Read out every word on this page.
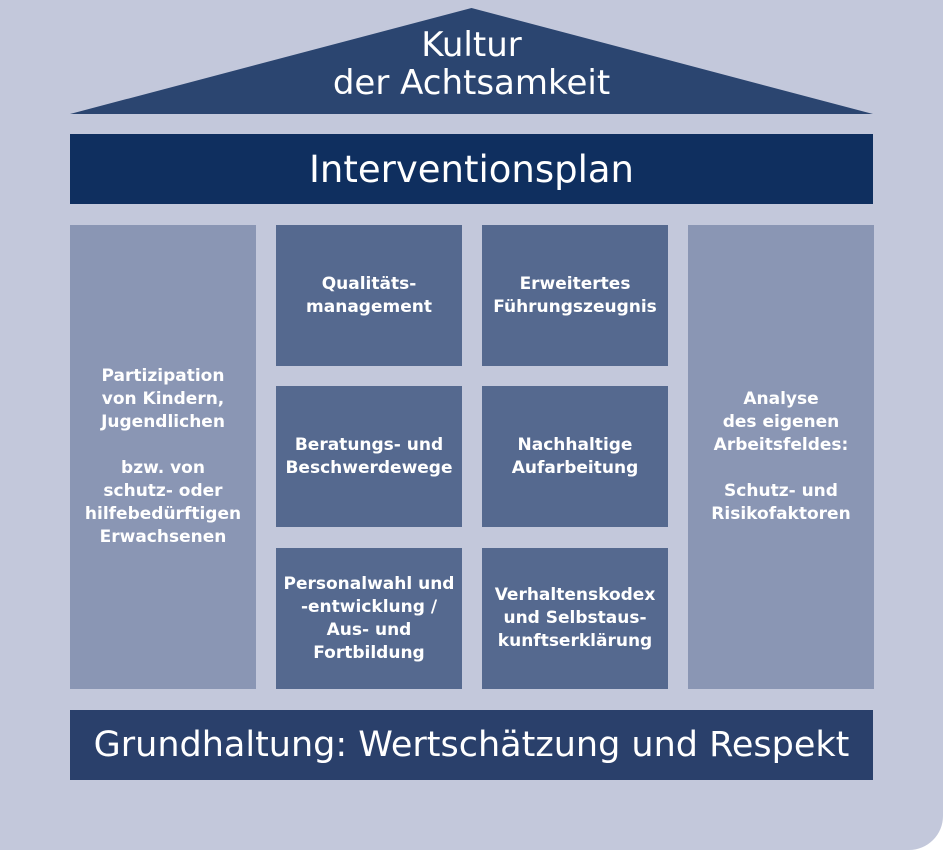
Kultur
der Achtsamkeit
Interventionsplan
Partizipation
von Kindern,
Jugendlichen
bzw. von
schutz- oder
hilfebedürftigen
Erwachsenen
Qualitäts-
management
Erweitertes
Führungszeugnis
Beratungs- und
Beschwerdewege
Nachhaltige
Aufarbeitung
Personalwahl und
-entwicklung /
Aus- und
Fortbildung
Verhaltenskodex
und Selbstaus-
kunftserklärung
Analyse
des eigenen
Arbeitsfeldes:
Schutz- und
Risikofaktoren
Grundhaltung: Wertschätzung und Respekt
